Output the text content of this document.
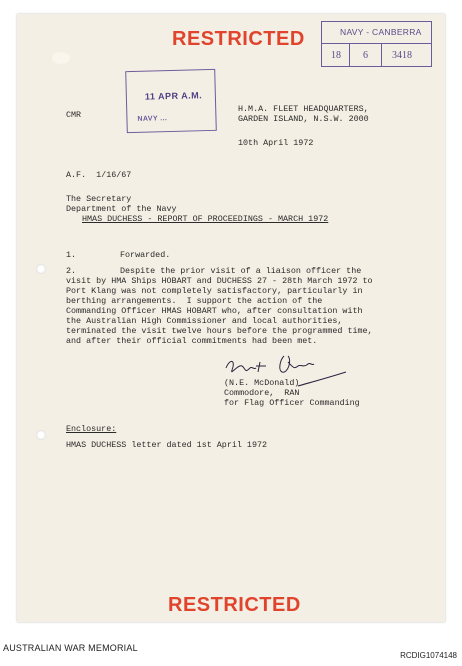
RESTRICTED	NAVY - CANBERRA
18 6 3418
11 APR A.M.
NAVY ...
CMR
H.M.A. FLEET HEADQUARTERS,
GARDEN ISLAND, N.S.W. 2000
10th April 1972
A.F.  1/16/67
The Secretary
Department of the Navy
HMAS DUCHESS - REPORT OF PROCEEDINGS - MARCH 1972
1.	Forwarded.
2.	Despite the prior visit of a liaison officer the
visit by HMA Ships HOBART and DUCHESS 27 - 28th March 1972 to
Port Klang was not completely satisfactory, particularly in
berthing arrangements.  I support the action of the
Commanding Officer HMAS HOBART who, after consultation with
the Australian High Commissioner and local authorities,
terminated the visit twelve hours before the programmed time,
and after their official commitments had been met.
(N.E. McDonald)
Commodore,  RAN
for Flag Officer Commanding
Enclosure:
HMAS DUCHESS letter dated 1st April 1972
RESTRICTED
AUSTRALIAN WAR MEMORIAL
RCDIG1074148
